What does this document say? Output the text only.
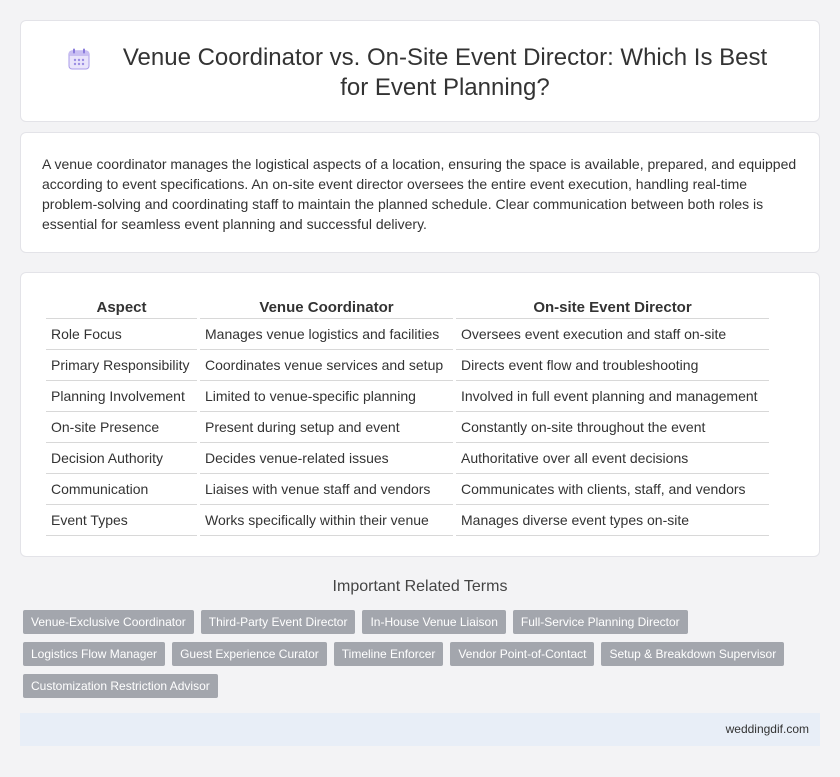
Venue Coordinator vs. On-Site Event Director: Which Is Best for Event Planning?

A venue coordinator manages the logistical aspects of a location, ensuring the space is available, prepared, and equipped according to event specifications. An on-site event director oversees the entire event execution, handling real-time problem-solving and coordinating staff to maintain the planned schedule. Clear communication between both roles is essential for seamless event planning and successful delivery.

Aspect	Venue Coordinator	On-site Event Director
Role Focus	Manages venue logistics and facilities	Oversees event execution and staff on-site
Primary Responsibility	Coordinates venue services and setup	Directs event flow and troubleshooting
Planning Involvement	Limited to venue-specific planning	Involved in full event planning and management
On-site Presence	Present during setup and event	Constantly on-site throughout the event
Decision Authority	Decides venue-related issues	Authoritative over all event decisions
Communication	Liaises with venue staff and vendors	Communicates with clients, staff, and vendors
Event Types	Works specifically within their venue	Manages diverse event types on-site
Important Related Terms
Venue-Exclusive Coordinator	Third-Party Event Director	In-House Venue Liaison	Full-Service Planning Director
Logistics Flow Manager	Guest Experience Curator	Timeline Enforcer	Vendor Point-of-Contact	Setup & Breakdown Supervisor
Customization Restriction Advisor
weddingdif.com
